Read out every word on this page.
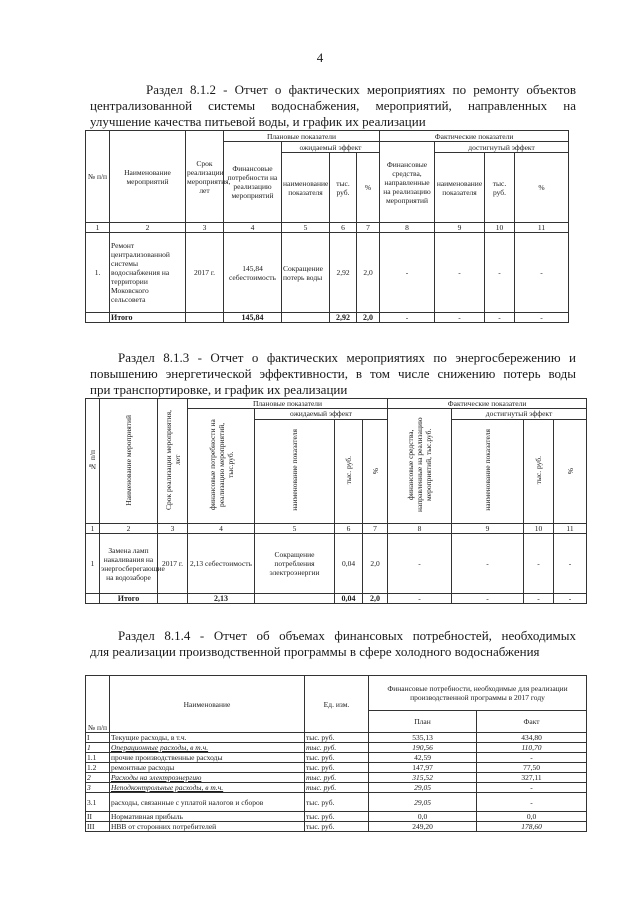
4
Раздел 8.1.2 - Отчет о фактических мероприятиях по ремонту объектов
централизованной системы водоснабжения, мероприятий, направленных на
улучшение качества питьевой воды, и график их реализации
№ п/п	Наименование мероприятий	Срок реализации мероприятия, лет	Плановые показатели				Фактические показатели			
			Финансовые потребности на реализацию мероприятий	ожидаемый эффект			Финансовые средства, направленные на реализацию мероприятий	достигнутый эффект		
				наименование показателя	тыс. руб.	%		наименование показателя	тыс. руб.	%
1	2	3	4	5	6	7	8	9	10	11
1.	Ремонт централизованной системы водоснабжения на территории Моковского сельсовета	2017 г.	145,84 себестоимость	Сокращение потерь воды	2,92	2,0	-	-	-	-
	Итого		145,84		2,92	2,0	-	-	-	-
Раздел 8.1.3 - Отчет о фактических мероприятиях по энергосбережению и
повышению энергетической эффективности, в том числе снижению потерь воды
при транспортировке, и график их реализации
№ п/п	Наименование мероприятий	Срок реализации мероприятия, лет	Плановые показатели				Фактические показатели			
			финансовые потребности на реализацию мероприятий, тыс.руб.	ожидаемый эффект			финансовые средства, направленные на реализацию мероприятий, тыс.руб.	достигнутый эффект		
				наименование показателя	тыс. руб.	%		наименование показателя	тыс. руб.	%
1	2	3	4	5	6	7	8	9	10	11
1	Замена ламп накаливания на энергосберегающие на водозаборе	2017 г.	2,13 себестоимость	Сокращение потребления электроэнергии	0,04	2,0	-	-	-	-
	Итого		2,13		0,04	2,0	-	-	-	-
Раздел 8.1.4 - Отчет об объемах финансовых потребностей, необходимых
для реализации производственной программы в сфере холодного водоснабжения
№ п/п	Наименование	Ед. изм.	Финансовые потребности, необходимые для реализации производственной программы в 2017 году	
			План	Факт
I	Текущие расходы, в т.ч.	тыс. руб.	535,13	434,80
1	Операционные расходы, в т.ч.	тыс. руб.	190,56	110,70
1.1	прочие производственные расходы	тыс. руб.	42,59	-
1.2	ремонтные расходы	тыс. руб.	147,97	77,50
2	Расходы на электроэнергию	тыс. руб.	315,52	327,11
3	Неподконтрольные расходы, в т.ч.	тыс. руб.	29,05	-
3.1	расходы, связанные с уплатой налогов и сборов	тыс. руб.	29,05	-
II	Нормативная прибыль	тыс. руб.	0,0	0,0
III	НВВ от сторонних потребителей	тыс. руб.	249,20	178,60
